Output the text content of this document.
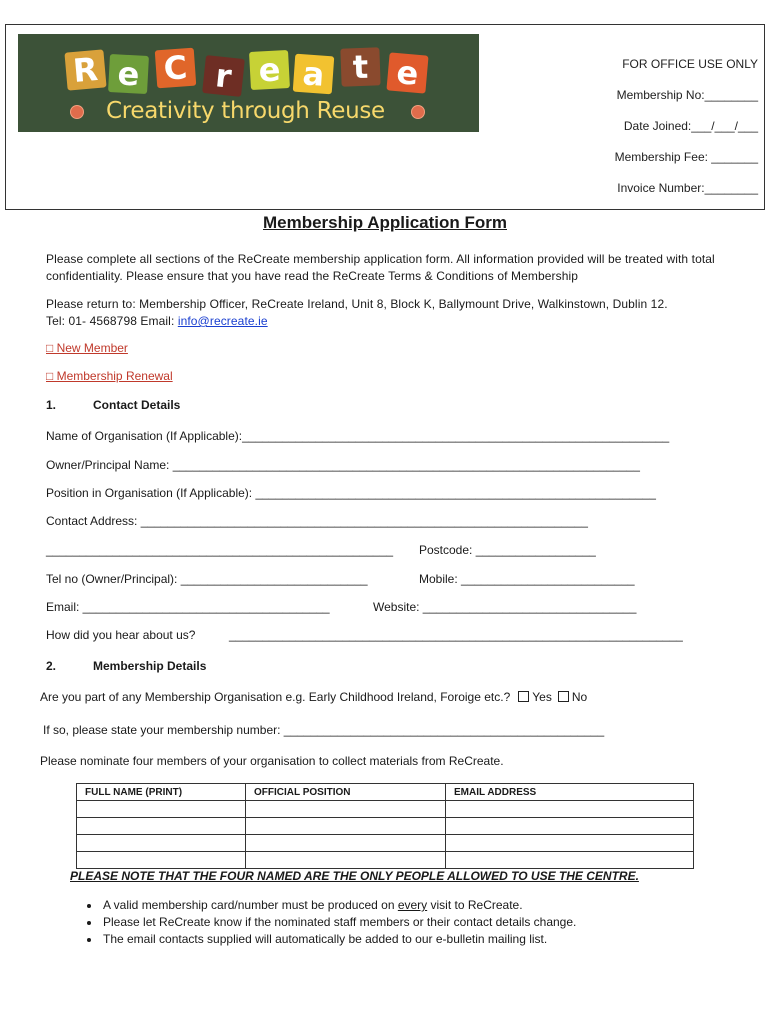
R e C r e a t e
Creativity through Reuse
FOR OFFICE USE ONLY
Membership No:________
Date Joined:___/___/___
Membership Fee: _______
Invoice Number:________
Membership Application Form
Please complete all sections of the ReCreate membership application form. All information provided will be treated with total confidentiality. Please ensure that you have read the ReCreate Terms & Conditions of Membership
Please return to: Membership Officer, ReCreate Ireland, Unit 8, Block K, Ballymount Drive, Walkinstown, Dublin 12.
Tel: 01- 4568798 Email: info@recreate.ie
□ New Member
□ Membership Renewal
1.	Contact Details
Name of Organisation (If Applicable):________________________________________________________________
Owner/Principal Name: ______________________________________________________________________
Position in Organisation (If Applicable): ____________________________________________________________
Contact Address: ___________________________________________________________________
____________________________________________________ Postcode: __________________
Tel no (Owner/Principal): ____________________________	Mobile: __________________________
Email: _____________________________________	Website: ________________________________
How did you hear about us?	____________________________________________________________________
2.	Membership Details
Are you part of any Membership Organisation e.g. Early Childhood Ireland, Foroige etc.? Yes No
If so, please state your membership number: ________________________________________________
Please nominate four members of your organisation to collect materials from ReCreate.
FULL NAME (PRINT)	OFFICIAL POSITION	EMAIL ADDRESS

PLEASE NOTE THAT THE FOUR NAMED ARE THE ONLY PEOPLE ALLOWED TO USE THE CENTRE.
• A valid membership card/number must be produced on every visit to ReCreate.
• Please let ReCreate know if the nominated staff members or their contact details change.
• The email contacts supplied will automatically be added to our e-bulletin mailing list.
